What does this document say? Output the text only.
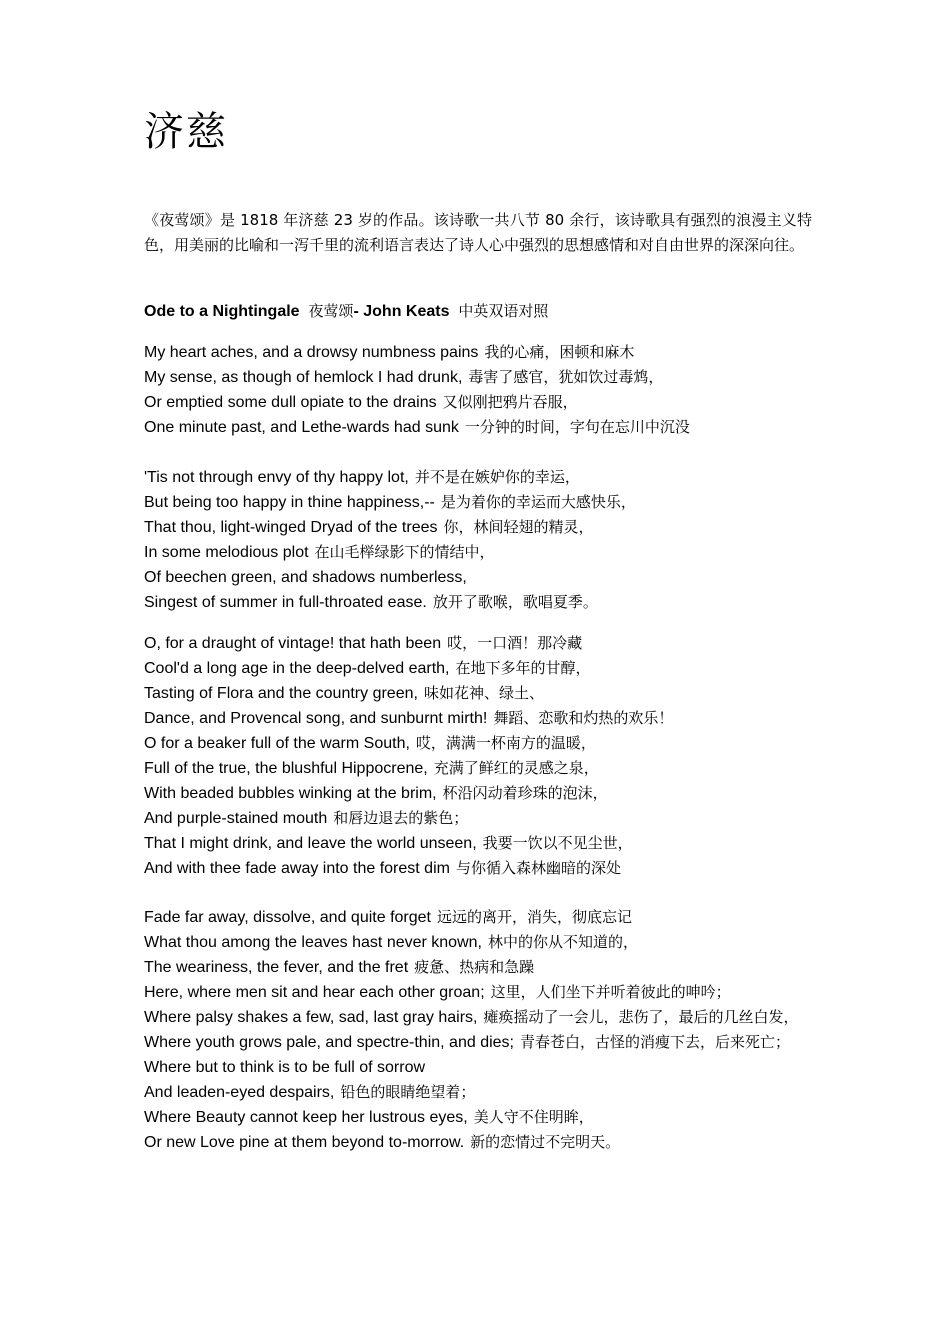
济慈

《夜莺颂》是 1818 年济慈 23 岁的作品。该诗歌一共八节 80 余行，该诗歌具有强烈的浪漫主义特色，用美丽的比喻和一泻千里的流利语言表达了诗人心中强烈的思想感情和对自由世界的深深向往。

Ode to a Nightingale 夜莺颂- John Keats 中英双语对照

My heart aches, and a drowsy numbness pains 我的心痛，困顿和麻木
My sense, as though of hemlock I had drunk, 毒害了感官，犹如饮过毒鸩，
Or emptied some dull opiate to the drains 又似刚把鸦片吞服，
One minute past, and Lethe-wards had sunk 一分钟的时间，字句在忘川中沉没
'Tis not through envy of thy happy lot, 并不是在嫉妒你的幸运，
But being too happy in thine happiness,-- 是为着你的幸运而大感快乐，
That thou, light-winged Dryad of the trees 你，林间轻翅的精灵，
In some melodious plot 在山毛榉绿影下的情结中，
Of beechen green, and shadows numberless,
Singest of summer in full-throated ease. 放开了歌喉，歌唱夏季。
O, for a draught of vintage! that hath been 哎，一口酒！那冷藏
Cool'd a long age in the deep-delved earth, 在地下多年的甘醇，
Tasting of Flora and the country green, 味如花神、绿土、
Dance, and Provencal song, and sunburnt mirth! 舞蹈、恋歌和灼热的欢乐！
O for a beaker full of the warm South, 哎，满满一杯南方的温暖，
Full of the true, the blushful Hippocrene, 充满了鲜红的灵感之泉，
With beaded bubbles winking at the brim, 杯沿闪动着珍珠的泡沫，
And purple-stained mouth 和唇边退去的紫色；
That I might drink, and leave the world unseen, 我要一饮以不见尘世，
And with thee fade away into the forest dim 与你循入森林幽暗的深处
Fade far away, dissolve, and quite forget 远远的离开，消失，彻底忘记
What thou among the leaves hast never known, 林中的你从不知道的，
The weariness, the fever, and the fret 疲惫、热病和急躁
Here, where men sit and hear each other groan; 这里，人们坐下并听着彼此的呻吟；
Where palsy shakes a few, sad, last gray hairs, 瘫痪摇动了一会儿，悲伤了，最后的几丝白发，
Where youth grows pale, and spectre-thin, and dies; 青春苍白，古怪的消瘦下去，后来死亡；
Where but to think is to be full of sorrow
And leaden-eyed despairs, 铅色的眼睛绝望着；
Where Beauty cannot keep her lustrous eyes, 美人守不住明眸，
Or new Love pine at them beyond to-morrow. 新的恋情过不完明天。
